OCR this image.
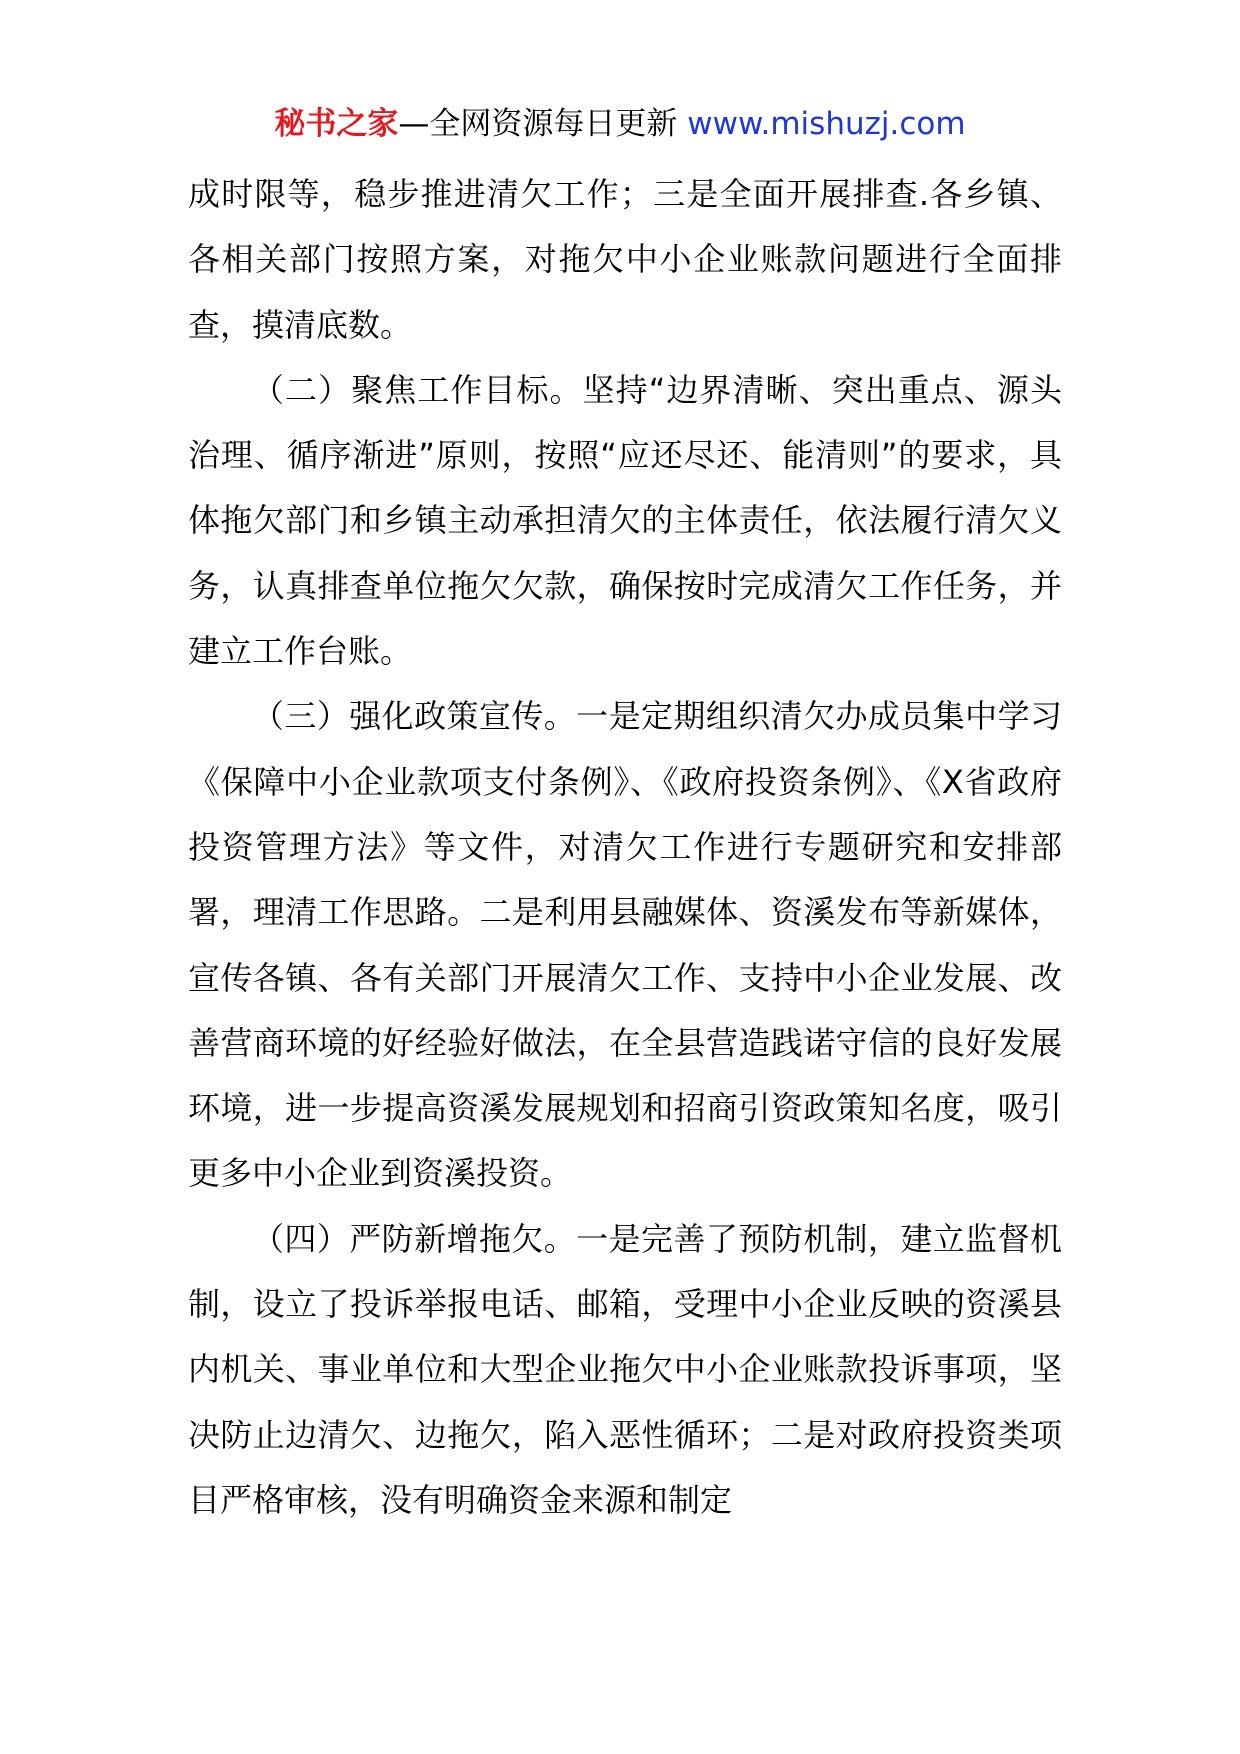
秘书之家—全网资源每日更新 www.mishuzj.com

成时限等，稳步推进清欠工作；三是全面开展排查.各乡镇、各相关部门按照方案，对拖欠中小企业账款问题进行全面排查，摸清底数。

（二）聚焦工作目标。坚持“边界清晰、突出重点、源头治理、循序渐进”原则，按照“应还尽还、能清则”的要求，具体拖欠部门和乡镇主动承担清欠的主体责任，依法履行清欠义务，认真排查单位拖欠欠款，确保按时完成清欠工作任务，并建立工作台账。

（三）强化政策宣传。一是定期组织清欠办成员集中学习《保障中小企业款项支付条例》、《政府投资条例》、《X省政府投资管理方法》等文件，对清欠工作进行专题研究和安排部署，理清工作思路。二是利用县融媒体、资溪发布等新媒体，宣传各镇、各有关部门开展清欠工作、支持中小企业发展、改善营商环境的好经验好做法，在全县营造践诺守信的良好发展环境，进一步提高资溪发展规划和招商引资政策知名度，吸引更多中小企业到资溪投资。

（四）严防新增拖欠。一是完善了预防机制，建立监督机制，设立了投诉举报电话、邮箱，受理中小企业反映的资溪县内机关、事业单位和大型企业拖欠中小企业账款投诉事项，坚决防止边清欠、边拖欠，陷入恶性循环；二是对政府投资类项目严格审核，没有明确资金来源和制定
